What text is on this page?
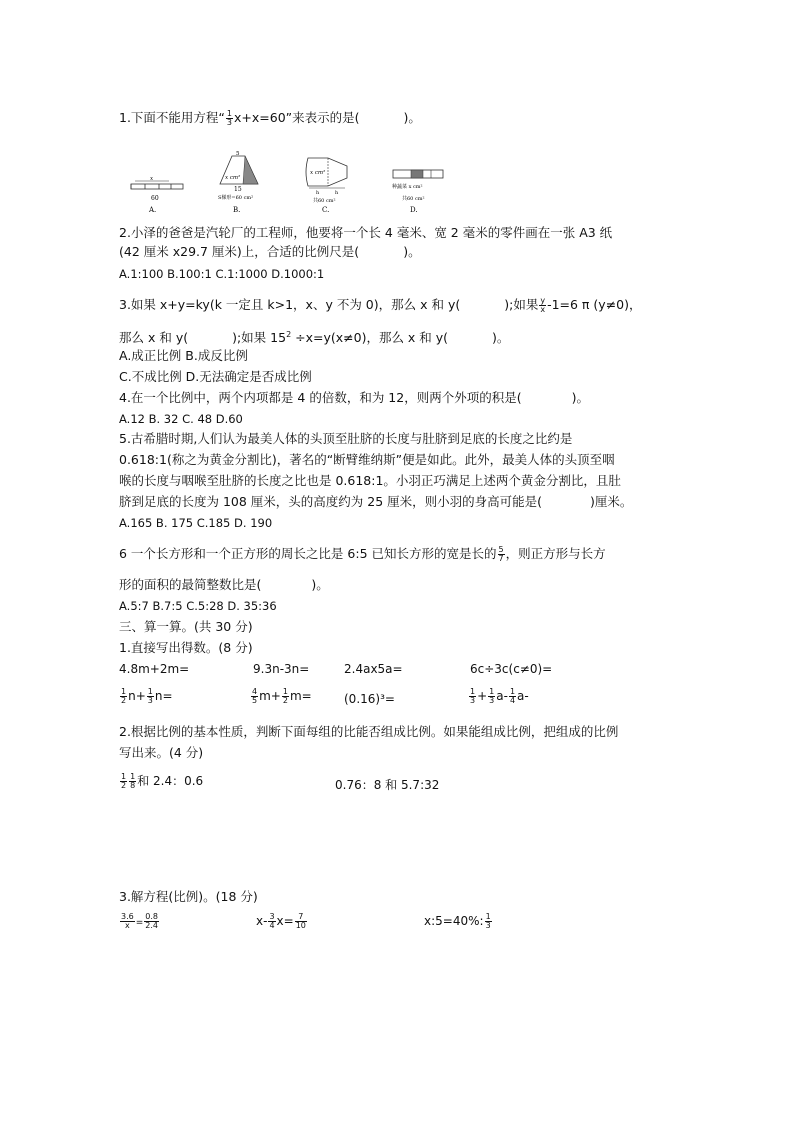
1.下面不能用方程“ $\frac{1}{3} x+x=60$”来表示的是(	)。
x
60
A.
5
x cm²
15
S梯形=60 cm²
B.
x cm²
h	h
共60 cm²
C.
种蔬菜 x cm²
共60 cm²
D.
2.小泽的爸爸是汽轮厂的工程师，他要将一个长 4 毫米、宽 2 毫米的零件画在一张 A3 纸
(42 厘米 x29.7 厘米)上，合适的比例尺是(	)。
A.1:100 B.100:1 C.1:1000 D.1000:1
3.如果 x+y=ky(k 一定且 k>1，x、y 不为 0)，那么 x 和 y(	);如果 $\frac{y}{x} -1=6$ π (y≠0)，
那么 x 和 y(	);如果 $15^2 \div x=y(x\ne 0)$，那么 x 和 y(	)。
A.成正比例 B.成反比例
C.不成比例 D.无法确定是否成比例
4.在一个比例中，两个内项都是 4 的倍数，和为 12，则两个外项的积是(	)。
A.12 B. 32 C. 48 D.60
5.古希腊时期,人们认为最美人体的头顶至肚脐的长度与肚脐到足底的长度之比约是
0.618:1(称之为黄金分割比)，著名的“断臂维纳斯”便是如此。此外，最美人体的头顶至咽
喉的长度与咽喉至肚脐的长度之比也是 0.618:1。小羽正巧满足上述两个黄金分割比，且肚
脐到足底的长度为 108 厘米，头的高度约为 25 厘米，则小羽的身高可能是(	)厘米。
A.165 B. 175 C.185 D. 190
6 一个长方形和一个正方形的周长之比是 6:5 已知长方形的宽是长的 $\frac{5}{7}$ ，则正方形与长方
形的面积的最简整数比是(	)。
A.5:7 B.7:5 C.5:28 D. 35:36
三、算一算。(共 30 分)
1.直接写出得数。(8 分)
4.8m+2m=	9.3n-3n=	2.4ax5a=	6c÷3c(c≠0)=
$\frac{1}{2} n+ \frac{1}{3} n=$	$\frac{4}{5} m+ \frac{1}{2} m=$	(0.16)³=	$\frac{1}{3} + \frac{1}{3} a- \frac{1}{4} a-$
2.根据比例的基本性质，判断下面每组的比能否组成比例。如果能组成比例，把组成的比例
写出来。(4 分)
$\frac{1}{2} \frac{1}{8}$ 和 2.4：0.6	0.76：8 和 5.7:32
3.解方程(比例)。(18 分)
$\frac{3.6}{x} = \frac{0.8}{2.4}$	$x- \frac{3}{4} x= \frac{7}{10}$	x:5=40%: $\frac{1}{3}$
